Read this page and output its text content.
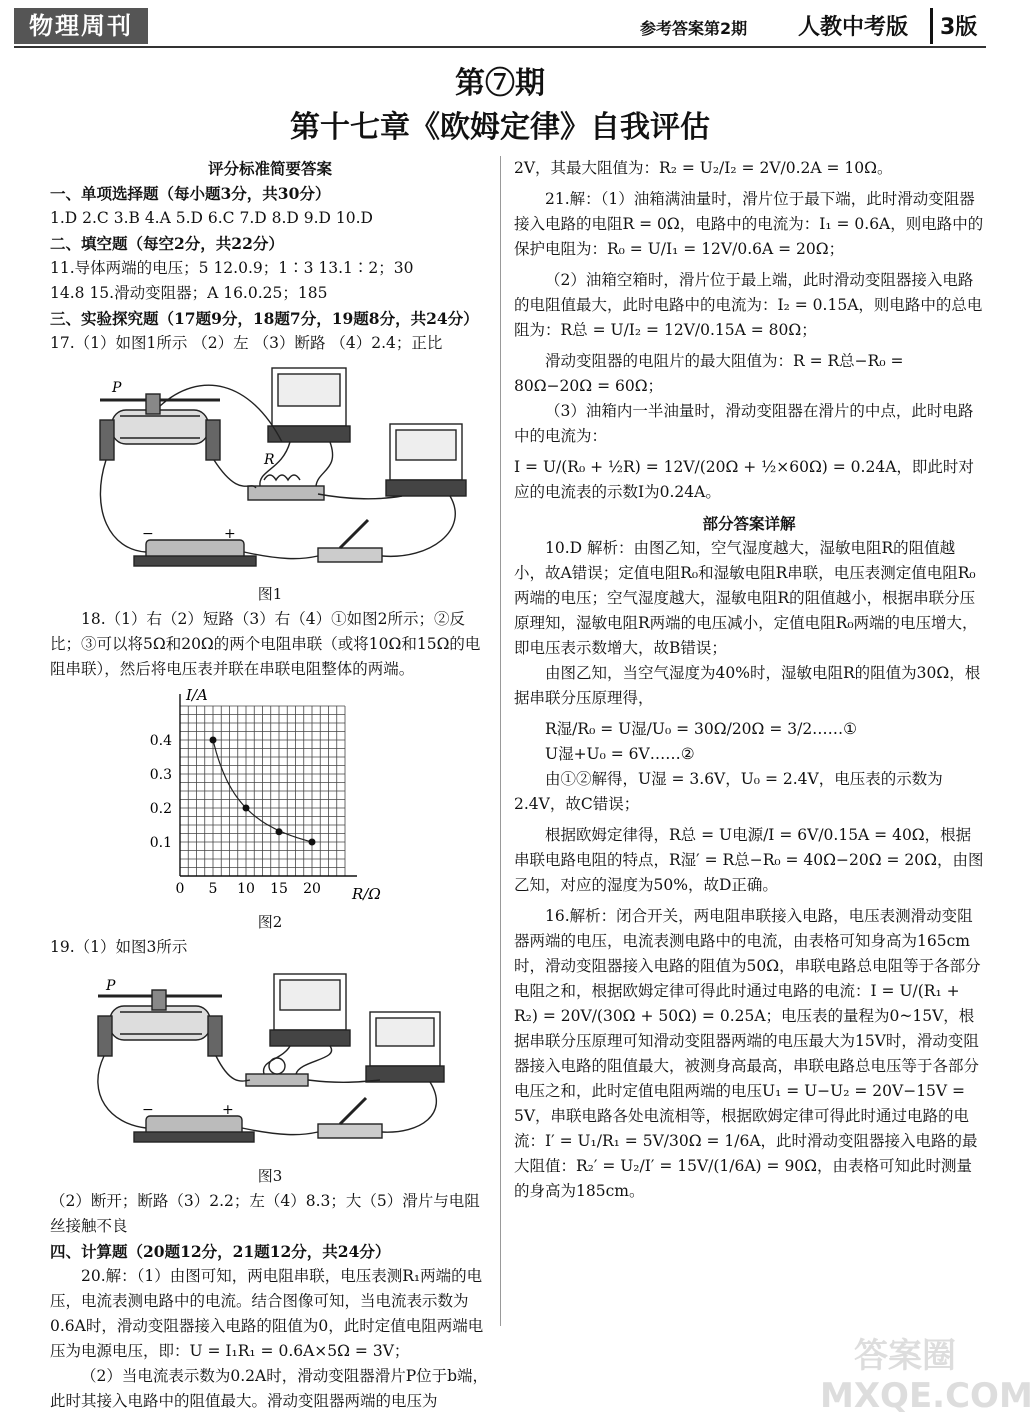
物理周刊	参考答案第2期 人教中考版 3版
第⑦期
第十七章《欧姆定律》自我评估

评分标准简要答案

一、单项选择题（每小题3分，共30分）

1.D 2.C 3.B 4.A 5.D 6.C 7.D 8.D 9.D 10.D

二、填空题（每空2分，共22分）

11.导体两端的电压；5 12.0.9；1∶3 13.1∶2；30

14.8 15.滑动变阻器；A 16.0.25；185

三、实验探究题（17题9分，18题7分，19题8分，共24分）

17.（1）如图1所示 （2）左 （3）断路 （4）2.4；正比

P
R
−	+

图1

18.（1）右（2）短路（3）右（4）①如图2所示；②反比；③可以将5Ω和20Ω的两个电阻串联（或将10Ω和15Ω的电阻串联），然后将电压表并联在串联电阻整体的两端。

0 5 10 15 20
0.1
0.2
0.3
0.4
I/A
R/Ω

图2

19.（1）如图3所示

P
−	+

图3

（2）断开；断路（3）2.2；左（4）8.3；大（5）滑片与电阻丝接触不良

四、计算题（20题12分，21题12分，共24分）

20.解：（1）由图可知，两电阻串联，电压表测R₁两端的电压，电流表测电路中的电流。结合图像可知，当电流表示数为0.6A时，滑动变阻器接入电路的阻值为0，此时定值电阻两端电压为电源电压，即：U = I₁R₁ = 0.6A×5Ω = 3V；

（2）当电流表示数为0.2A时，滑动变阻器滑片P位于b端，此时其接入电路中的阻值最大。滑动变阻器两端的电压为

2V，其最大阻值为：R₂ = U₂/I₂ = 2V/0.2A = 10Ω。

21.解：（1）油箱满油量时，滑片位于最下端，此时滑动变阻器接入电路的电阻R = 0Ω，电路中的电流为：I₁ = 0.6A，则电路中的保护电阻为：R₀ = U/I₁ = 12V/0.6A = 20Ω；

（2）油箱空箱时，滑片位于最上端，此时滑动变阻器接入电路的电阻值最大，此时电路中的电流为：I₂ = 0.15A，则电路中的总电阻为：R总 = U/I₂ = 12V/0.15A = 80Ω；

滑动变阻器的电阻片的最大阻值为：R = R总−R₀ = 80Ω−20Ω = 60Ω；

（3）油箱内一半油量时，滑动变阻器在滑片的中点，此时电路中的电流为：

I = U/(R₀ + ½R) = 12V/(20Ω + ½×60Ω) = 0.24A，即此时对应的电流表的示数I为0.24A。

部分答案详解

10.D 解析：由图乙知，空气湿度越大，湿敏电阻R的阻值越小，故A错误；定值电阻R₀和湿敏电阻R串联，电压表测定值电阻R₀两端的电压；空气湿度越大，湿敏电阻R的阻值越小，根据串联分压原理知，湿敏电阻R两端的电压减小，定值电阻R₀两端的电压增大，即电压表示数增大，故B错误；

由图乙知，当空气湿度为40%时，湿敏电阻R的阻值为30Ω，根据串联分压原理得，

R湿/R₀ = U湿/U₀ = 30Ω/20Ω = 3/2……①

U湿+U₀ = 6V……②

由①②解得，U湿 = 3.6V，U₀ = 2.4V，电压表的示数为2.4V，故C错误；

根据欧姆定律得，R总 = U电源/I = 6V/0.15A = 40Ω，根据串联电路电阻的特点，R湿′ = R总−R₀ = 40Ω−20Ω = 20Ω，由图乙知，对应的湿度为50%，故D正确。

16.解析：闭合开关，两电阻串联接入电路，电压表测滑动变阻器两端的电压，电流表测电路中的电流，由表格可知身高为165cm时，滑动变阻器接入电路的阻值为50Ω，串联电路总电阻等于各部分电阻之和，根据欧姆定律可得此时通过电路的电流：I = U/(R₁ + R₂) = 20V/(30Ω + 50Ω) = 0.25A；电压表的量程为0~15V，根据串联分压原理可知滑动变阻器两端的电压最大为15V时，滑动变阻器接入电路的阻值最大，被测身高最高，串联电路总电压等于各部分电压之和，此时定值电阻两端的电压U₁ = U−U₂ = 20V−15V = 5V，串联电路各处电流相等，根据欧姆定律可得此时通过电路的电流：I′ = U₁/R₁ = 5V/30Ω = 1/6A，此时滑动变阻器接入电路的最大阻值：R₂′ = U₂/I′ = 15V/(1/6A) = 90Ω，由表格可知此时测量的身高为185cm。

答案圈 MXQE.COM
